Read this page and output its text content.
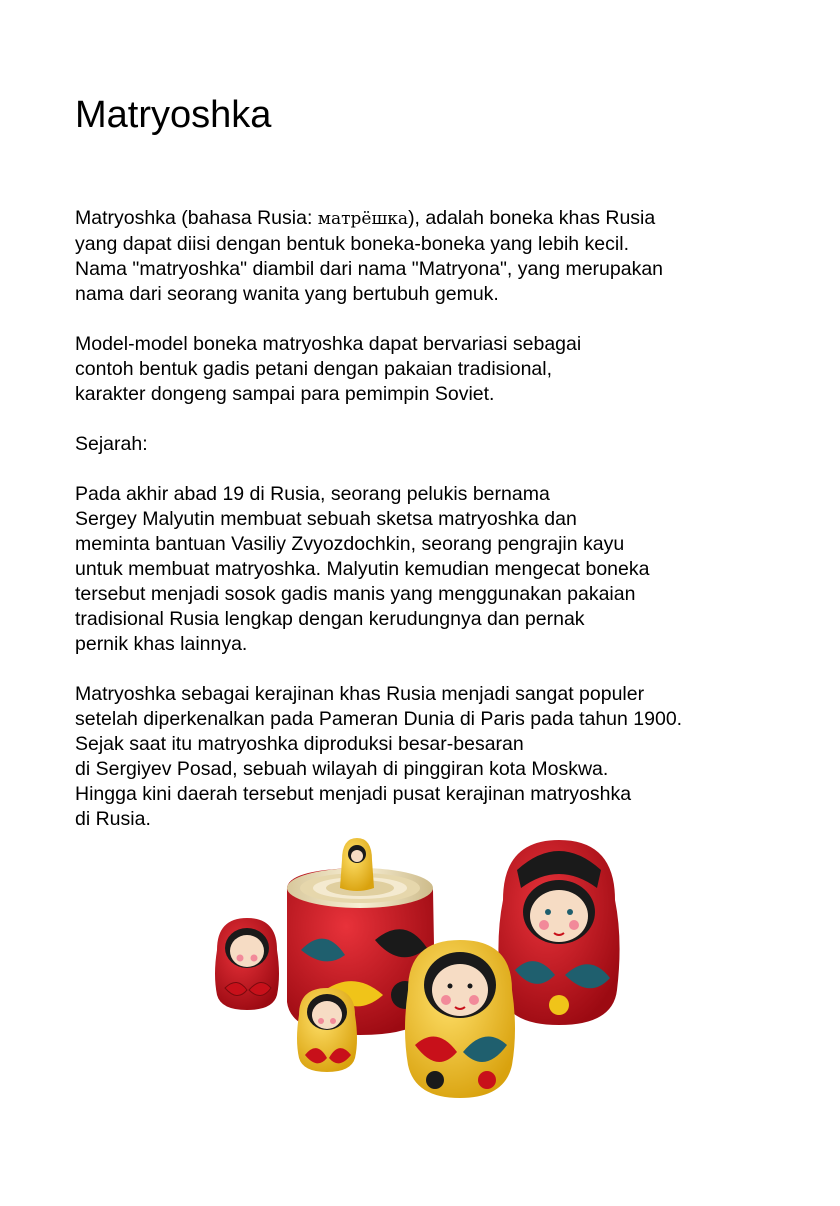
Matryoshka
Matryoshka (bahasa Rusia: матрёшка), adalah boneka khas Rusia
yang dapat diisi dengan bentuk boneka-boneka yang lebih kecil.
Nama "matryoshka" diambil dari nama "Matryona", yang merupakan
nama dari seorang wanita yang bertubuh gemuk.
Model-model boneka matryoshka dapat bervariasi sebagai
contoh bentuk gadis petani dengan pakaian tradisional,
karakter dongeng sampai para pemimpin Soviet.
Sejarah:
Pada akhir abad 19 di Rusia, seorang pelukis bernama
Sergey Malyutin membuat sebuah sketsa matryoshka dan
meminta bantuan Vasiliy Zvyozdochkin, seorang pengrajin kayu
untuk membuat matryoshka. Malyutin kemudian mengecat boneka
tersebut menjadi sosok gadis manis yang menggunakan pakaian
tradisional Rusia lengkap dengan kerudungnya dan pernak
pernik khas lainnya.
Matryoshka sebagai kerajinan khas Rusia menjadi sangat populer
setelah diperkenalkan pada Pameran Dunia di Paris pada tahun 1900.
Sejak saat itu matryoshka diproduksi besar-besaran
di Sergiyev Posad, sebuah wilayah di pinggiran kota Moskwa.
Hingga kini daerah tersebut menjadi pusat kerajinan matryoshka
di Rusia.
